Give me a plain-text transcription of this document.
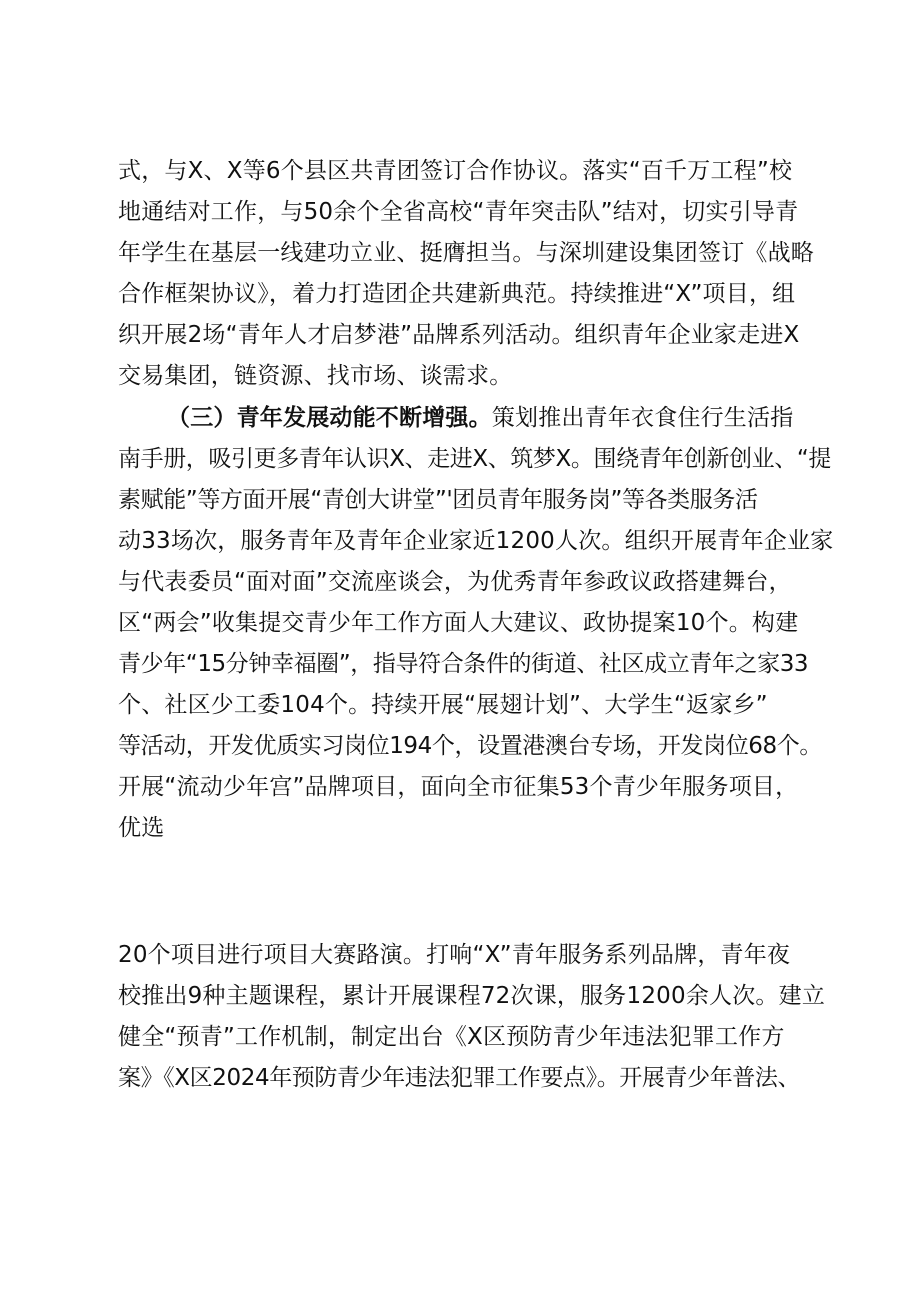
式，与X、X等6个县区共青团签订合作协议。落实“百千万工程”校
地通结对工作，与50余个全省高校“青年突击队”结对，切实引导青
年学生在基层一线建功立业、挺膺担当。与深圳建设集团签订《战略
合作框架协议》，着力打造团企共建新典范。持续推进“X”项目，组
织开展2场“青年人才启梦港”品牌系列活动。组织青年企业家走进X
交易集团，链资源、找市场、谈需求。
（三）青年发展动能不断增强。策划推出青年衣食住行生活指
南手册，吸引更多青年认识X、走进X、筑梦X。围绕青年创新创业、“提
素赋能”等方面开展“青创大讲堂”'团员青年服务岗”等各类服务活
动33场次，服务青年及青年企业家近1200人次。组织开展青年企业家
与代表委员“面对面”交流座谈会，为优秀青年参政议政搭建舞台，
区“两会”收集提交青少年工作方面人大建议、政协提案10个。构建
青少年“15分钟幸福圈”，指导符合条件的街道、社区成立青年之家33
个、社区少工委104个。持续开展“展翅计划”、大学生“返家乡”
等活动，开发优质实习岗位194个，设置港澳台专场，开发岗位68个。
开展“流动少年宫”品牌项目，面向全市征集53个青少年服务项目，
优选
20个项目进行项目大赛路演。打响“X”青年服务系列品牌，青年夜
校推出9种主题课程，累计开展课程72次课，服务1200余人次。建立
健全“预青”工作机制，制定出台《X区预防青少年违法犯罪工作方
案》《X区2024年预防青少年违法犯罪工作要点》。开展青少年普法、
